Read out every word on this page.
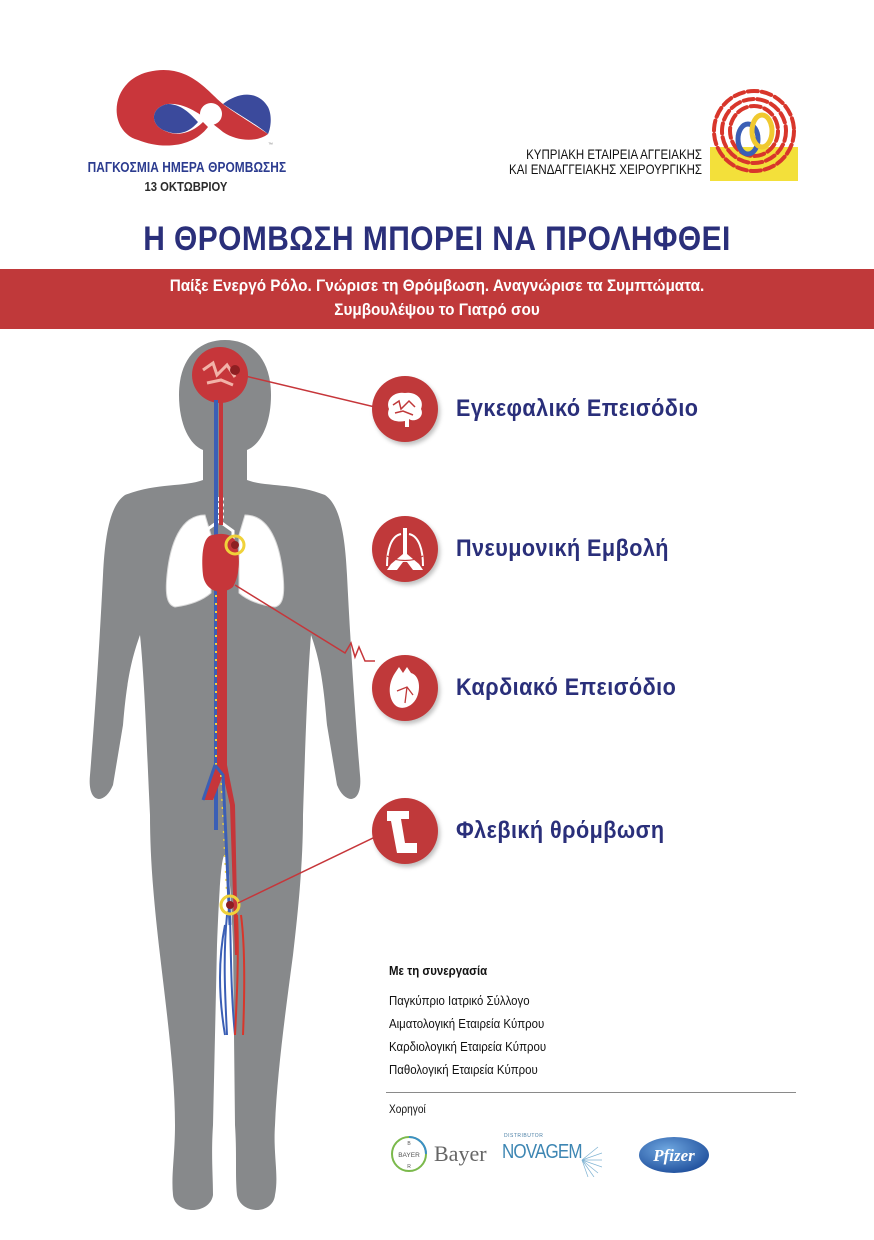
™
ΠΑΓΚΟΣΜΙΑ ΗΜΕΡΑ ΘΡΟΜΒΩΣΗΣ
13 ΟΚΤΩΒΡΙΟΥ
ΚΥΠΡΙΑΚΗ ΕΤΑΙΡΕΙΑ ΑΓΓΕΙΑΚΗΣ
ΚΑΙ ΕΝΔΑΓΓΕΙΑΚΗΣ ΧΕΙΡΟΥΡΓΙΚΗΣ
Η ΘΡΟΜΒΩΣΗ ΜΠΟΡΕΙ ΝΑ ΠΡΟΛΗΦΘΕΙ
Παίξε Ενεργό Ρόλο. Γνώρισε τη Θρόμβωση. Αναγνώρισε τα Συμπτώματα.
Συμβουλέψου το Γιατρό σου
Εγκεφαλικό Επεισόδιο
Πνευμονική Εμβολή
Καρδιακό Επεισόδιο
Φλεβική θρόμβωση
Με τη συνεργασία
Παγκύπριο Ιατρικό Σύλλογο
Αιματολογική Εταιρεία Κύπρου
Καρδιολογική Εταιρεία Κύπρου
Παθολογική Εταιρεία Κύπρου
Χορηγοί
BAYER
B
R
Bayer
DISTRIBUTOR
NOVAGEM	Pfizer
